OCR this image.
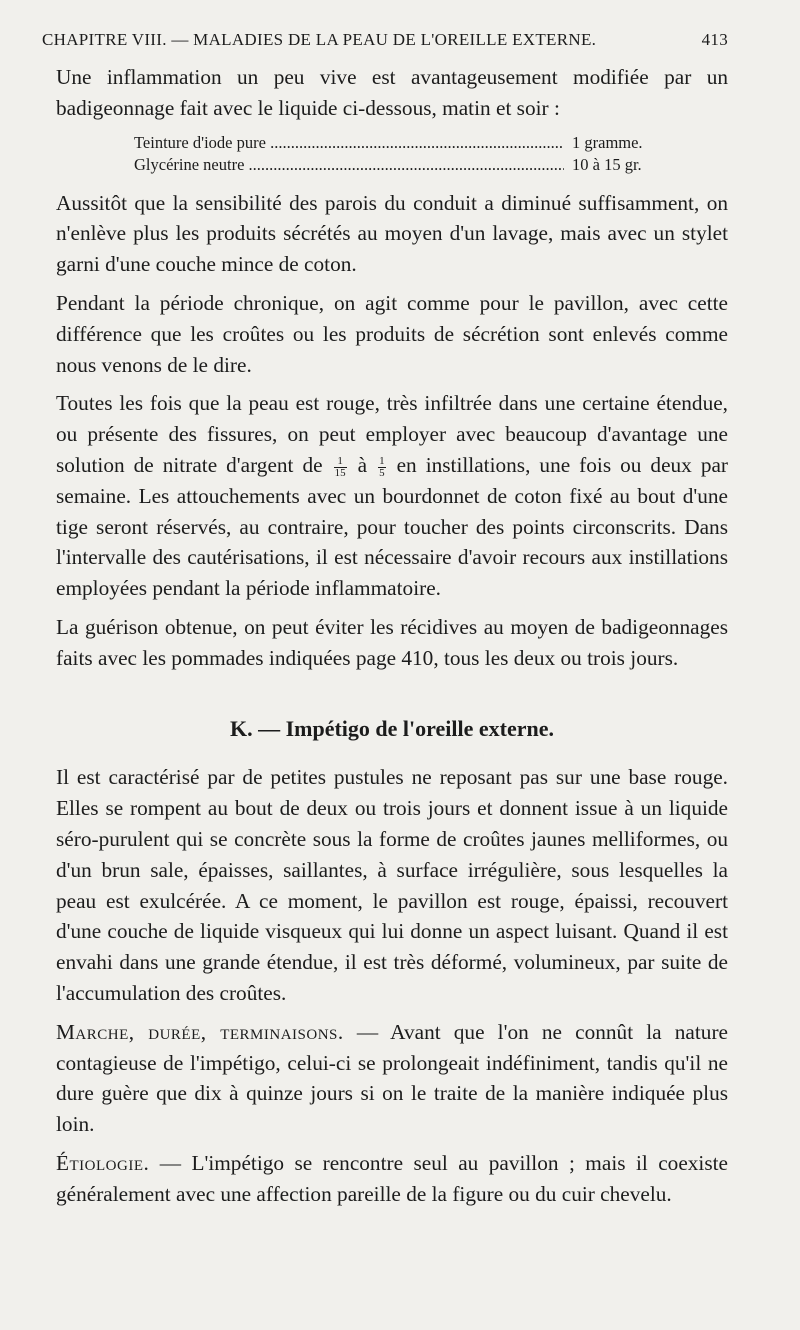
CHAPITRE VIII. — MALADIES DE LA PEAU DE L'OREILLE EXTERNE.	413

Une inflammation un peu vive est avantageusement modifiée par un badigeonnage fait avec le liquide ci-dessous, matin et soir :

Teinture d'iode pure .....	1 gramme.
Glycérine neutre .....	10 à 15 gr.

Aussitôt que la sensibilité des parois du conduit a diminué suffisamment, on n'enlève plus les produits sécrétés au moyen d'un lavage, mais avec un stylet garni d'une couche mince de coton.

Pendant la période chronique, on agit comme pour le pavillon, avec cette différence que les croûtes ou les produits de sécrétion sont enlevés comme nous venons de le dire.

Toutes les fois que la peau est rouge, très infiltrée dans une certaine étendue, ou présente des fissures, on peut employer avec beaucoup d'avantage une solution de nitrate d'argent de $\frac{1}{15}$ à $\frac{1}{5}$ en instillations, une fois ou deux par semaine. Les attouchements avec un bourdonnet de coton fixé au bout d'une tige seront réservés, au contraire, pour toucher des points circonscrits. Dans l'intervalle des cautérisations, il est nécessaire d'avoir recours aux instillations employées pendant la période inflammatoire.

La guérison obtenue, on peut éviter les récidives au moyen de badigeonnages faits avec les pommades indiquées page 410, tous les deux ou trois jours.

K. — Impétigo de l'oreille externe.

Il est caractérisé par de petites pustules ne reposant pas sur une base rouge. Elles se rompent au bout de deux ou trois jours et donnent issue à un liquide séro-purulent qui se concrète sous la forme de croûtes jaunes melliformes, ou d'un brun sale, épaisses, saillantes, à surface irrégulière, sous lesquelles la peau est exulcérée. A ce moment, le pavillon est rouge, épaissi, recouvert d'une couche de liquide visqueux qui lui donne un aspect luisant. Quand il est envahi dans une grande étendue, il est très déformé, volumineux, par suite de l'accumulation des croûtes.

Marche, durée, terminaisons. — Avant que l'on ne connût la nature contagieuse de l'impétigo, celui-ci se prolongeait indéfiniment, tandis qu'il ne dure guère que dix à quinze jours si on le traite de la manière indiquée plus loin.

Étiologie. — L'impétigo se rencontre seul au pavillon ; mais il coexiste généralement avec une affection pareille de la figure ou du cuir chevelu.
